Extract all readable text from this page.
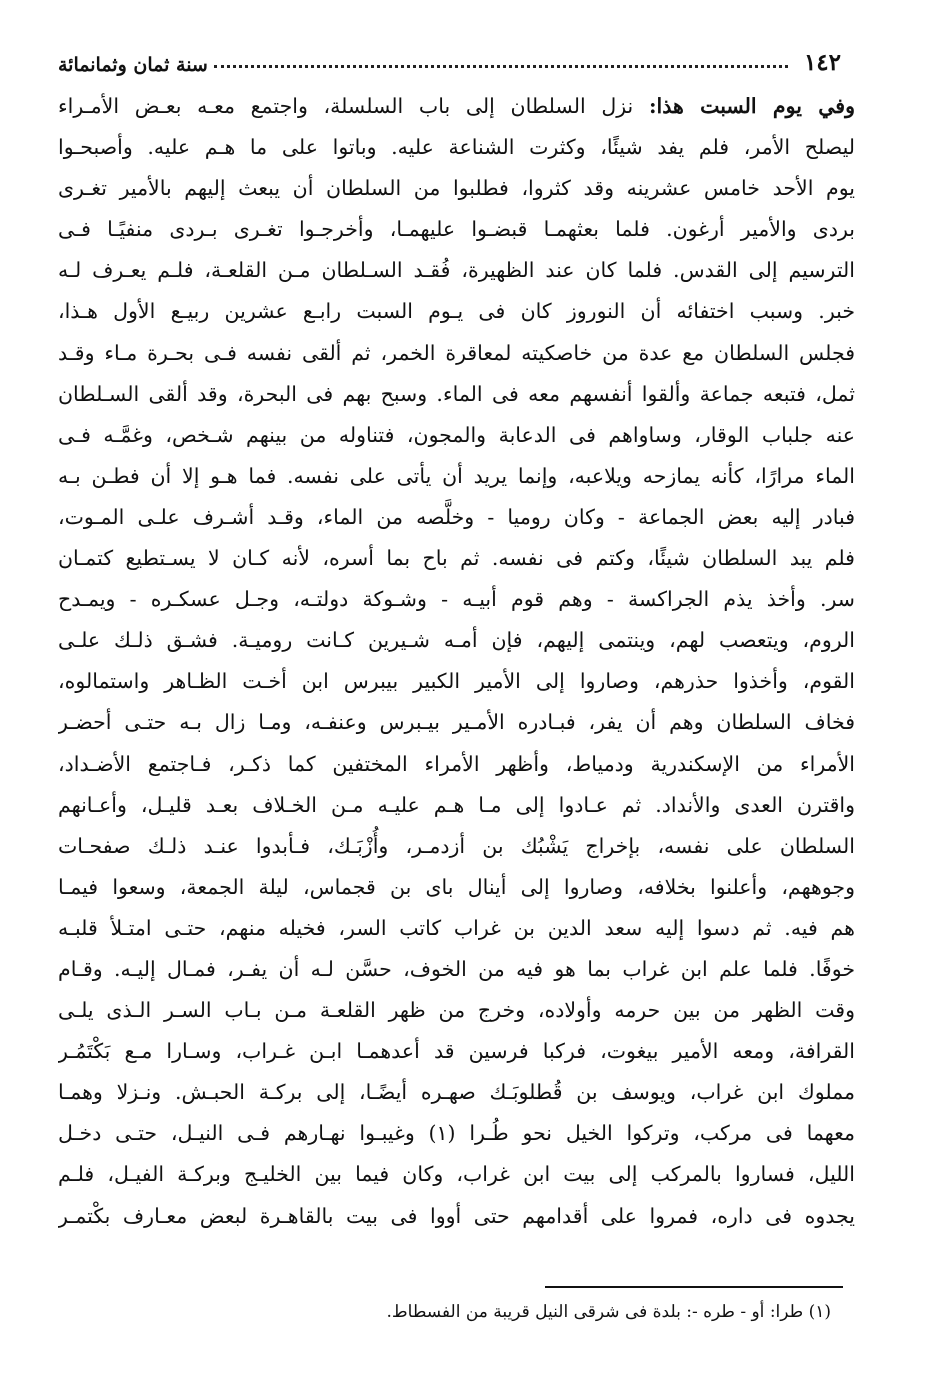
١٤٢
سنة ثمان وثمانمائة
وفي يوم السبت هذا: نزل السلطان إلى باب السلسلة، واجتمع معـه بعـض الأمـراء
ليصلح الأمر، فلم يفد شيئًا، وكثرت الشناعة عليه. وباتوا على ما هـم عليه. وأصبحـوا
يوم الأحد خامس عشرينه وقد كثروا، فطلبوا من السلطان أن يبعث إليهم بالأمير تغـرى
بردى والأمير أرغون. فلما بعثهمـا قبضـوا عليهمـا، وأخرجـوا تغـرى بـردى منفيًـا فـى
الترسيم إلى القدس. فلما كان عند الظهيرة، فُقـد السـلطان مـن القلعـة، فلـم يعـرف لـه
خبر. وسبب اختفائه أن النوروز كان فى يـوم السبت رابـع عشرين ربيـع الأول هـذا،
فجلس السلطان مع عدة من خاصكيته لمعاقرة الخمر، ثم ألقى نفسه فـى بحـرة مـاء وقـد
ثمل، فتبعه جماعة وألقوا أنفسهم معه فى الماء. وسبح بهم فى البحرة، وقد ألقى السـلطان
عنه جلباب الوقار، وساواهم فى الدعابة والمجون، فتناوله من بينهم شـخص، وغمَّـه فـى
الماء مرارًا، كأنه يمازحه ويلاعبه، وإنما يريد أن يأتى على نفسه. فما هـو إلا أن فطـن بـه
فبادر إليه بعض الجماعة - وكان روميا - وخلَّصه من الماء، وقـد أشـرف علـى المـوت،
فلم يبد السلطان شيئًا، وكتم فى نفسه. ثم باح بما أسره، لأنه كـان لا يسـتطيع كتمـان
سر. وأخذ يذم الجراكسة - وهم قوم أبيـه - وشـوكة دولتـه، وجـل عسكـره - ويمـدح
الروم، ويتعصب لهم، وينتمى إليهم، فإن أمـه شـيرين كـانت روميـة. فشـق ذلـك علـى
القوم، وأخذوا حذرهم، وصاروا إلى الأمير الكبير بيبرس ابن أخـت الظـاهر واستمالوه،
فخاف السلطان وهم أن يفر، فبـادره الأمـير بيـبرس وعنفـه، ومـا زال بـه حتـى أحضـر
الأمراء من الإسكندرية ودمياط، وأظهر الأمراء المختفين كما ذكـر، فـاجتمع الأضـداد،
واقترن العدى والأنداد. ثم عـادوا إلى مـا هـم عليـه مـن الخـلاف بعـد قليـل، وأعـانهم
السلطان على نفسه، بإخراج يَشْبُك بن أزدمـر، وأُزْبَـك، فـأبدوا عنـد ذلـك صفحـات
وجوههم، وأعلنوا بخلافه، وصاروا إلى أينال باى بن قجماس، ليلة الجمعة، وسعوا فيمـا
هم فيه. ثم دسوا إليه سعد الدين بن غراب كاتب السر، فخيله منهم، حتـى امتـلأ قلبـه
خوفًا. فلما علم ابن غراب بما هو فيه من الخوف، حسَّن لـه أن يفـر، فمـال إليـه. وقـام
وقت الظهر من بين حرمه وأولاده، وخرج من ظهر القلعـة مـن بـاب السـر الـذى يلـى
القرافة، ومعه الأمير بيغوت، فركبا فرسين قد أعدهمـا ابـن غـراب، وسـارا مـع بَكْتَمُـر
مملوك ابن غراب، ويوسف بن قُطلوبَـك صهـره أيضًـا، إلى بركـة الحبـش. ونـزلا وهمـا
معهما فى مركب، وتركوا الخيل نحو طُـرا (١) وغيبـوا نهـارهم فـى النيـل، حتـى دخـل
الليل، فساروا بالمركب إلى بيت ابن غراب، وكان فيما بين الخليـج وبركـة الفيـل، فلـم
يجدوه فى داره، فمروا على أقدامهم حتى أووا فى بيت بالقاهـرة لبعض معـارف بكْتمـر
(١) طرا: أو - طره -: بلدة فى شرقى النيل قريبة من الفسطاط.
